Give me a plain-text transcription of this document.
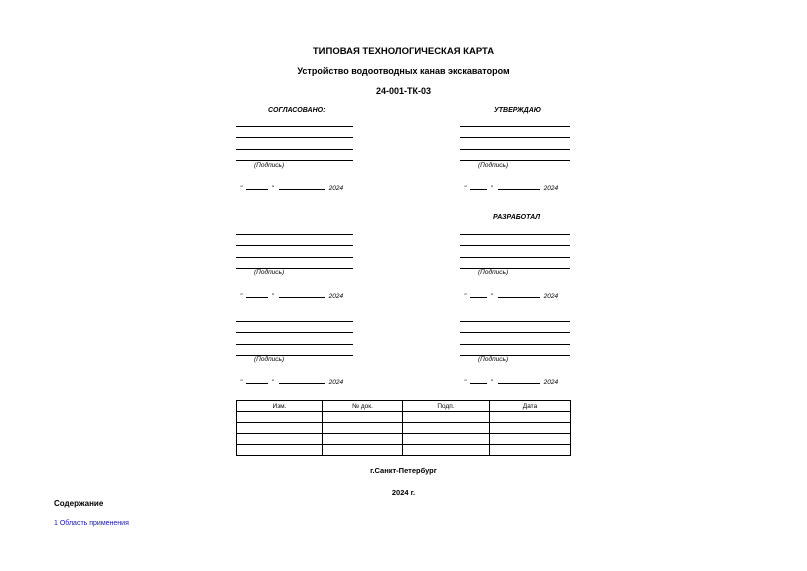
ТИПОВАЯ ТЕХНОЛОГИЧЕСКАЯ КАРТА
Устройство водоотводных канав экскаватором
24-001-ТК-03
СОГЛАСОВАНО:	УТВЕРЖДАЮ
РАЗРАБОТАЛ
(Подпись)
"	"	2024
(Подпись)
"	"	2024
(Подпись)
"	"	2024
(Подпись)
"	"	2024
(Подпись)
"	"	2024
(Подпись)
"	"	2024
Изм.	№ док.	Подп.	Дата

г.Санкт-Петербург
2024 г.
Содержание
1 Область применения
